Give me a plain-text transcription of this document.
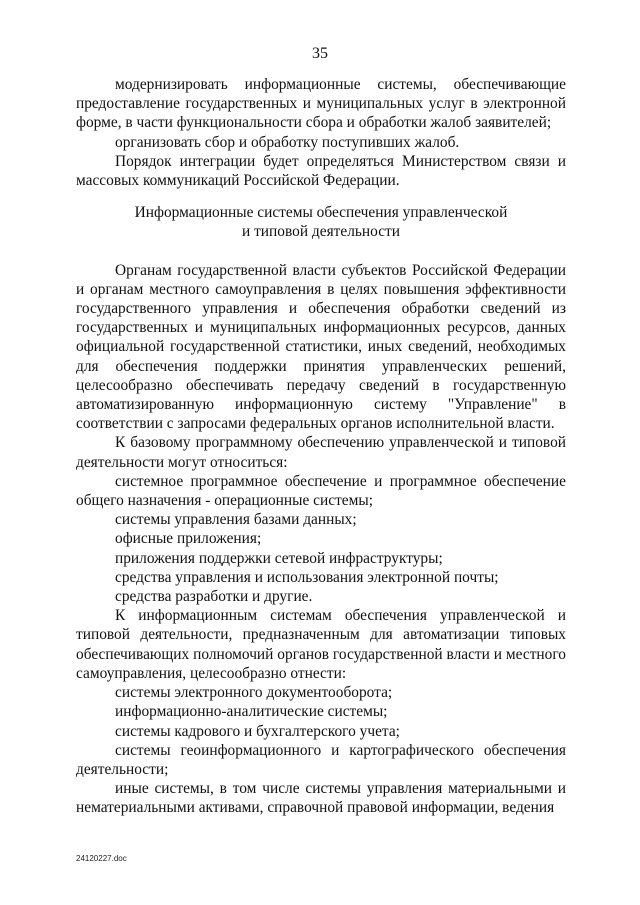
35

модернизировать информационные системы, обеспечивающие предоставление государственных и муниципальных услуг в электронной форме, в части функциональности сбора и обработки жалоб заявителей;

организовать сбор и обработку поступивших жалоб.

Порядок интеграции будет определяться Министерством связи и массовых коммуникаций Российской Федерации.

Информационные системы обеспечения управленческой
и типовой деятельности

Органам государственной власти субъектов Российской Федерации и органам местного самоуправления в целях повышения эффективности государственного управления и обеспечения обработки сведений из государственных и муниципальных информационных ресурсов, данных официальной государственной статистики, иных сведений, необходимых для обеспечения поддержки принятия управленческих решений, целесообразно обеспечивать передачу сведений в государственную автоматизированную информационную систему "Управление" в соответствии с запросами федеральных органов исполнительной власти.

К базовому программному обеспечению управленческой и типовой деятельности могут относиться:

системное программное обеспечение и программное обеспечение общего назначения - операционные системы;

системы управления базами данных;

офисные приложения;

приложения поддержки сетевой инфраструктуры;

средства управления и использования электронной почты;

средства разработки и другие.

К информационным системам обеспечения управленческой и типовой деятельности, предназначенным для автоматизации типовых обеспечивающих полномочий органов государственной власти и местного самоуправления, целесообразно отнести:

системы электронного документооборота;

информационно-аналитические системы;

системы кадрового и бухгалтерского учета;

системы геоинформационного и картографического обеспечения деятельности;

иные системы, в том числе системы управления материальными и нематериальными активами, справочной правовой информации, ведения

24120227.doc
